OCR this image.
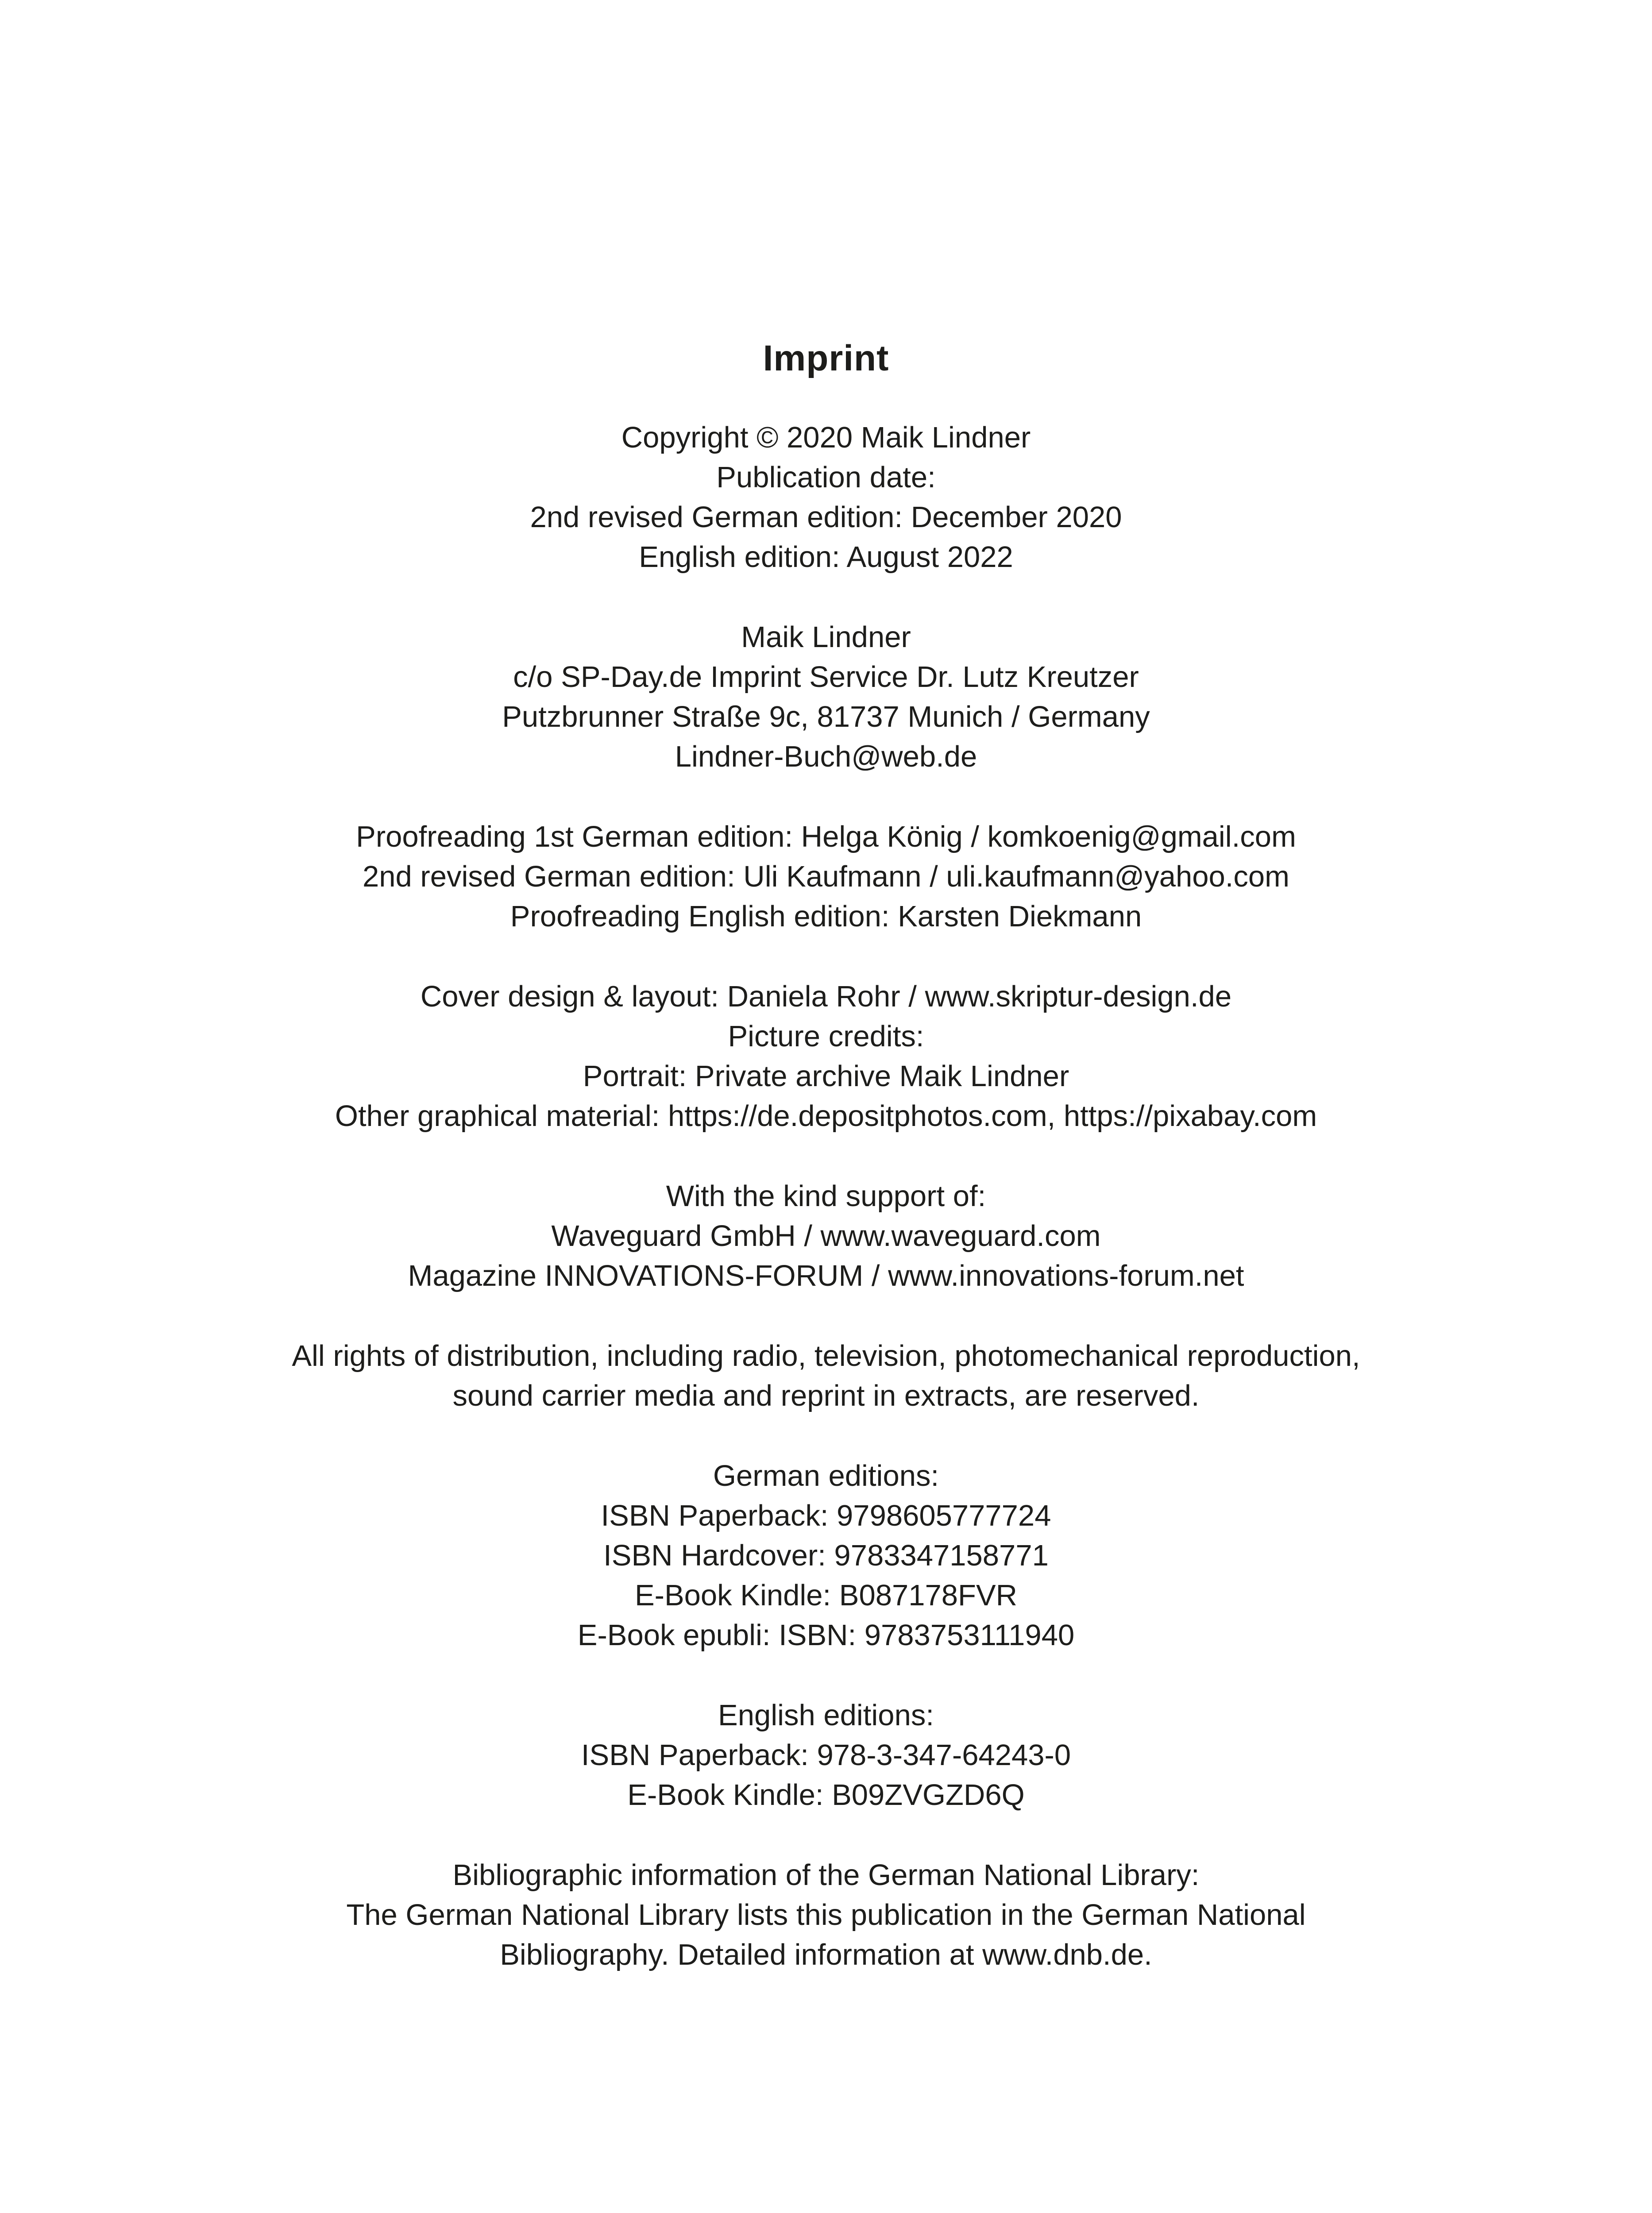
Imprint
Copyright © 2020 Maik Lindner
Publication date:
2nd revised German edition: December 2020
English edition: August 2022
Maik Lindner
c/o SP-Day.de Imprint Service Dr. Lutz Kreutzer
Putzbrunner Straße 9c, 81737 Munich / Germany
Lindner-Buch@web.de
Proofreading 1st German edition: Helga König / komkoenig@gmail.com
2nd revised German edition: Uli Kaufmann / uli.kaufmann@yahoo.com
Proofreading English edition: Karsten Diekmann
Cover design & layout: Daniela Rohr / www.skriptur-design.de
Picture credits:
Portrait: Private archive Maik Lindner
Other graphical material: https://de.depositphotos.com, https://pixabay.com
With the kind support of:
Waveguard GmbH / www.waveguard.com
Magazine INNOVATIONS-FORUM / www.innovations-forum.net
All rights of distribution, including radio, television, photomechanical reproduction,
sound carrier media and reprint in extracts, are reserved.
German editions:
ISBN Paperback: 9798605777724
ISBN Hardcover: 9783347158771
E-Book Kindle: B087178FVR
E-Book epubli: ISBN: 9783753111940
English editions:
ISBN Paperback: 978-3-347-64243-0
E-Book Kindle: B09ZVGZD6Q
Bibliographic information of the German National Library:
The German National Library lists this publication in the German National
Bibliography. Detailed information at www.dnb.de.
